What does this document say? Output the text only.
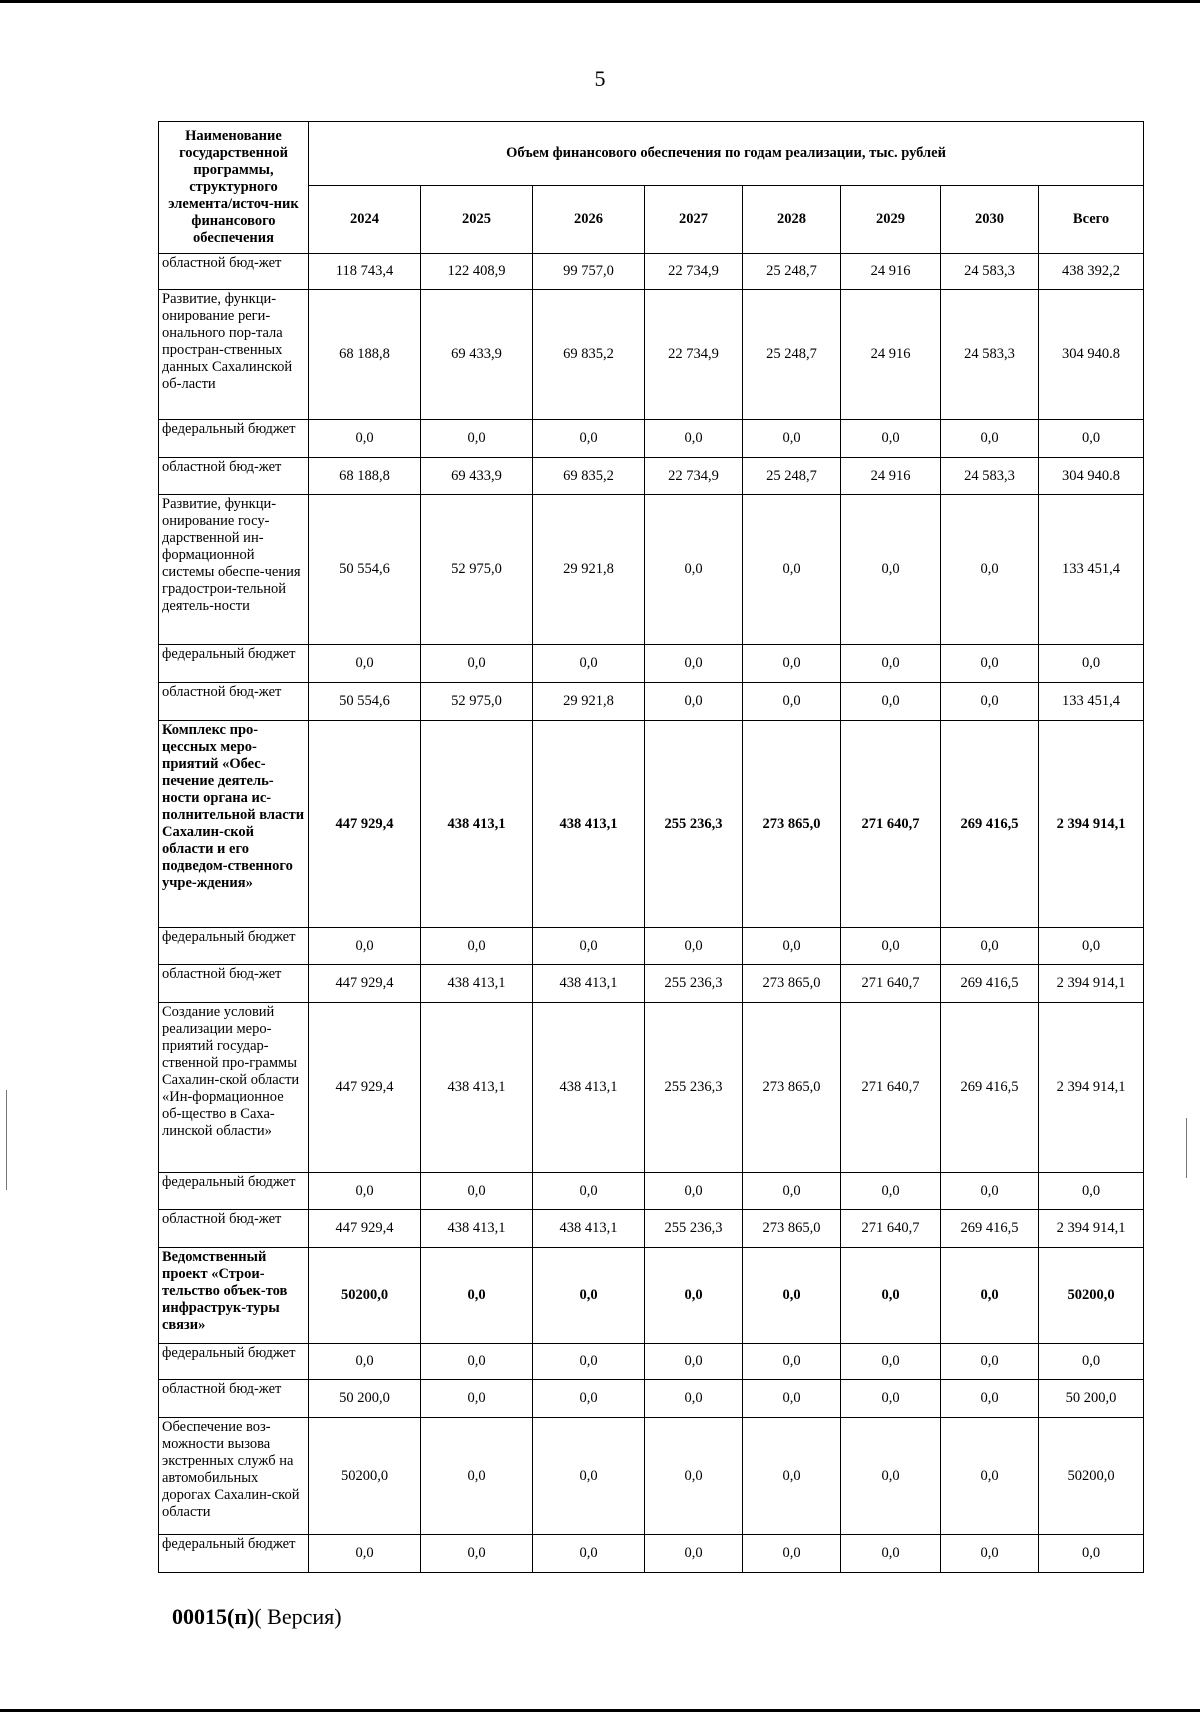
5
Наименование государственной программы, структурного элемента/источ-ник финансового обеспечения	Объем финансового обеспечения по годам реализации, тыс. рублей							
	2024	2025	2026	2027	2028	2029	2030	Всего
областной бюд-жет	118 743,4	122 408,9	99 757,0	22 734,9	25 248,7	24 916	24 583,3	438 392,2
Развитие, функци-онирование реги-онального пор-тала простран-ственных данных Сахалинской об-ласти	68 188,8	69 433,9	69 835,2	22 734,9	25 248,7	24 916	24 583,3	304 940.8
федеральный бюджет	0,0	0,0	0,0	0,0	0,0	0,0	0,0	0,0
областной бюд-жет	68 188,8	69 433,9	69 835,2	22 734,9	25 248,7	24 916	24 583,3	304 940.8
Развитие, функци-онирование госу-дарственной ин-формационной системы обеспе-чения градострои-тельной деятель-ности	50 554,6	52 975,0	29 921,8	0,0	0,0	0,0	0,0	133 451,4
федеральный бюджет	0,0	0,0	0,0	0,0	0,0	0,0	0,0	0,0
областной бюд-жет	50 554,6	52 975,0	29 921,8	0,0	0,0	0,0	0,0	133 451,4
Комплекс про-цессных меро-приятий «Обес-печение деятель-ности органа ис-полнительной власти Сахалин-ской области и его подведом-ственного учре-ждения»	447 929,4	438 413,1	438 413,1	255 236,3	273 865,0	271 640,7	269 416,5	2 394 914,1
федеральный бюджет	0,0	0,0	0,0	0,0	0,0	0,0	0,0	0,0
областной бюд-жет	447 929,4	438 413,1	438 413,1	255 236,3	273 865,0	271 640,7	269 416,5	2 394 914,1
Создание условий реализации меро-приятий государ-ственной про-граммы Сахалин-ской области «Ин-формационное об-щество в Саха-линской области»	447 929,4	438 413,1	438 413,1	255 236,3	273 865,0	271 640,7	269 416,5	2 394 914,1
федеральный бюджет	0,0	0,0	0,0	0,0	0,0	0,0	0,0	0,0
областной бюд-жет	447 929,4	438 413,1	438 413,1	255 236,3	273 865,0	271 640,7	269 416,5	2 394 914,1
Ведомственный проект «Строи-тельство объек-тов инфраструк-туры связи»	50200,0	0,0	0,0	0,0	0,0	0,0	0,0	50200,0
федеральный бюджет	0,0	0,0	0,0	0,0	0,0	0,0	0,0	0,0
областной бюд-жет	50 200,0	0,0	0,0	0,0	0,0	0,0	0,0	50 200,0
Обеспечение воз-можности вызова экстренных служб на автомобильных дорогах Сахалин-ской области	50200,0	0,0	0,0	0,0	0,0	0,0	0,0	50200,0
федеральный бюджет	0,0	0,0	0,0	0,0	0,0	0,0	0,0	0,0
00015(п)( Версия)
